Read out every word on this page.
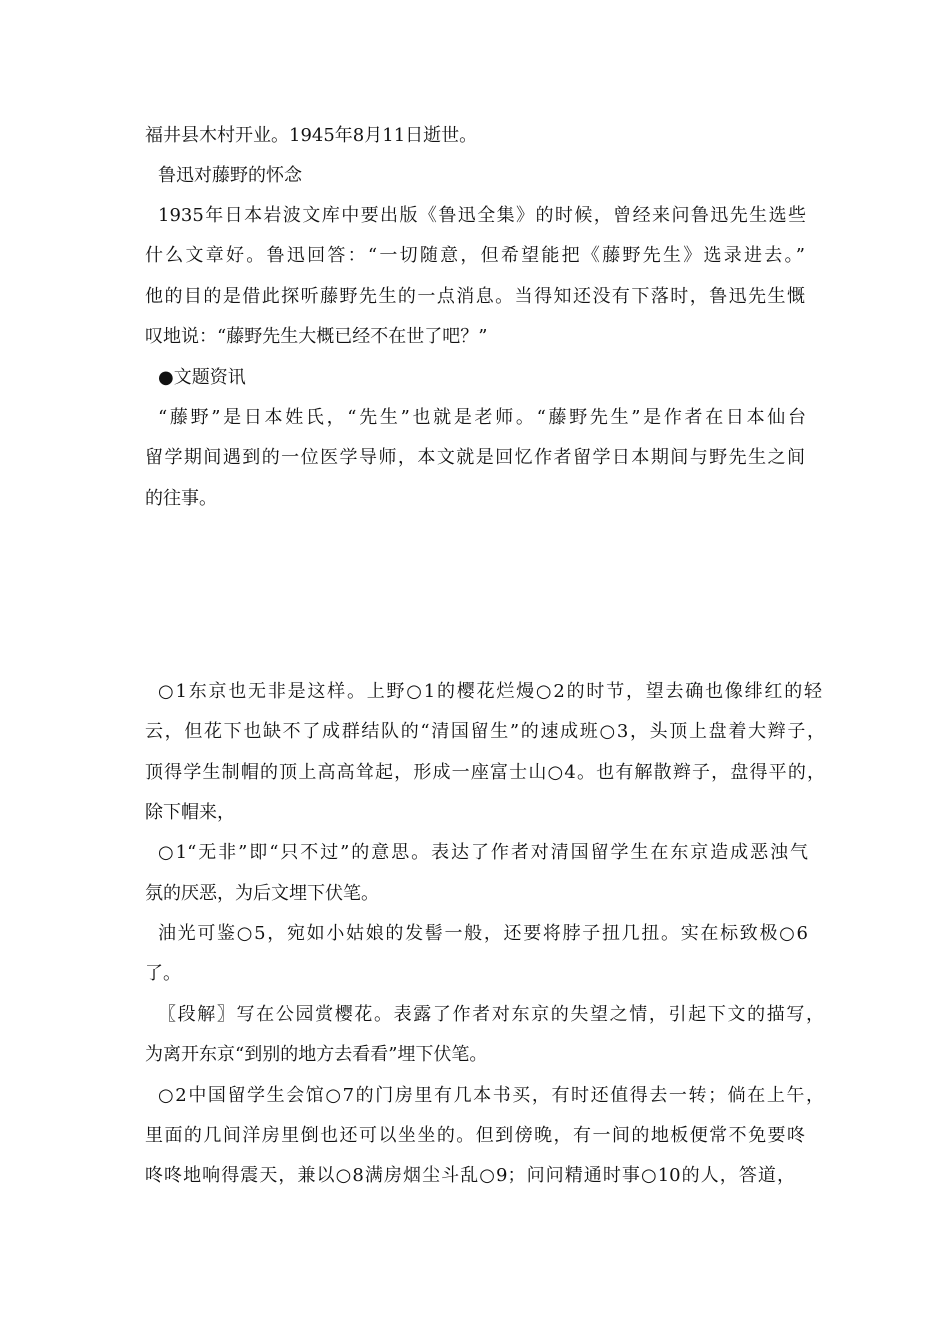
福井县木村开业。1945年8月11日逝世。
鲁迅对藤野的怀念
1935年日本岩波文库中要出版《鲁迅全集》的时候，曾经来问鲁迅先生选些
什么文章好。鲁迅回答：“一切随意，但希望能把《藤野先生》选录进去。”
他的目的是借此探听藤野先生的一点消息。当得知还没有下落时，鲁迅先生慨
叹地说：“藤野先生大概已经不在世了吧？”
●文题资讯
“藤野”是日本姓氏，“先生”也就是老师。“藤野先生”是作者在日本仙台
留学期间遇到的一位医学导师，本文就是回忆作者留学日本期间与野先生之间
的往事。
○1东京也无非是这样。上野○1的樱花烂熳○2的时节，望去确也像绯红的轻
云，但花下也缺不了成群结队的“清国留生”的速成班○3，头顶上盘着大辫子，
顶得学生制帽的顶上高高耸起，形成一座富士山○4。也有解散辫子，盘得平的，
除下帽来，
○1“无非”即“只不过”的意思。表达了作者对清国留学生在东京造成恶浊气
氛的厌恶，为后文埋下伏笔。
油光可鉴○5，宛如小姑娘的发髻一般，还要将脖子扭几扭。实在标致极○6
了。
〖段解〗写在公园赏樱花。表露了作者对东京的失望之情，引起下文的描写，
为离开东京“到别的地方去看看”埋下伏笔。
○2中国留学生会馆○7的门房里有几本书买，有时还值得去一转；倘在上午，
里面的几间洋房里倒也还可以坐坐的。但到傍晚，有一间的地板便常不免要咚
咚咚地响得震天，兼以○8满房烟尘斗乱○9；问问精通时事○10的人，答道，
